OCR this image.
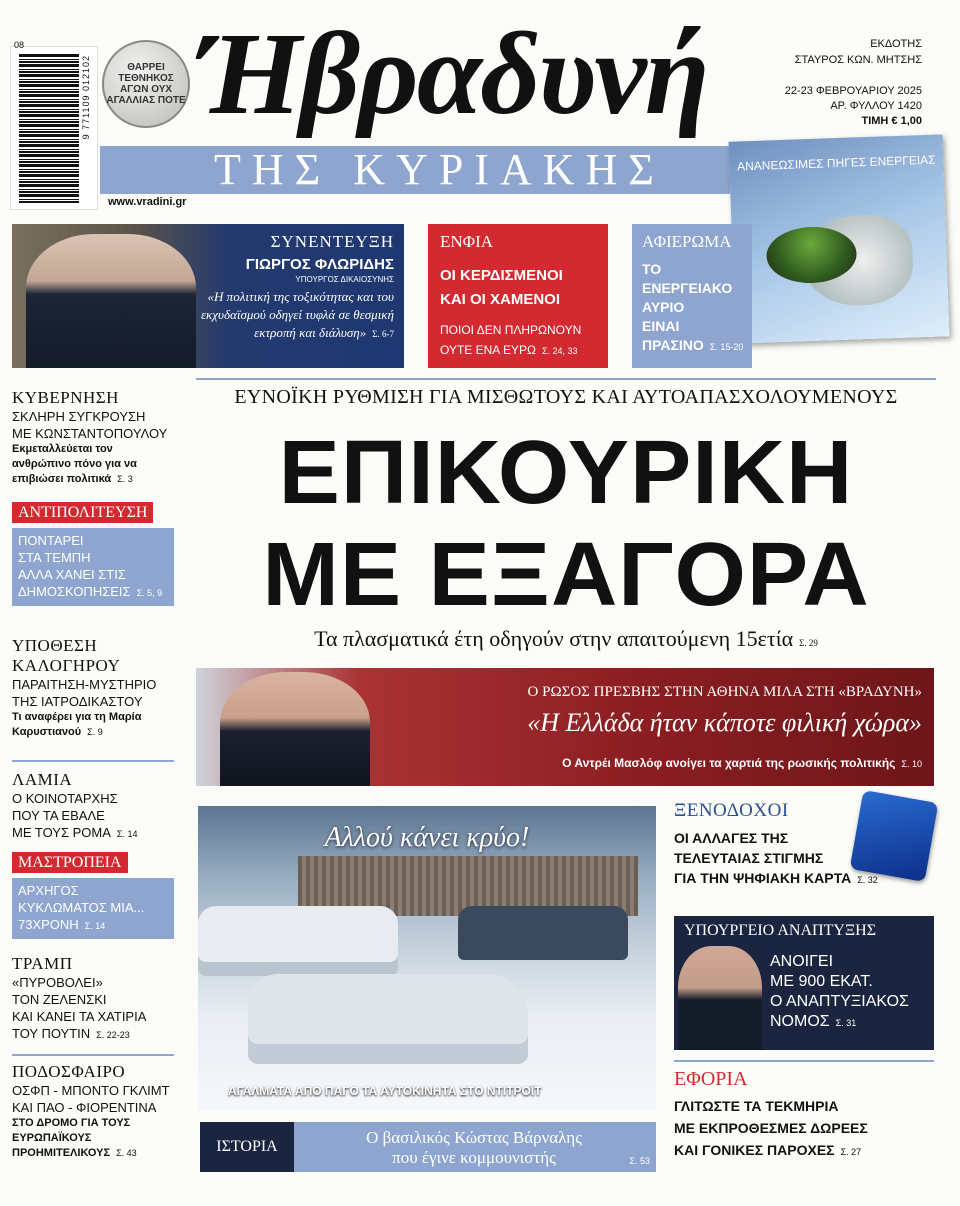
9 771109 012102	ΘΑΡΡΕΙ ΤΕΘΝΗΚΟΣ ΑΓΩΝ ΟΥΧ ΑΓΑΛΛΙΑΣ ΠΟΤΕ Ήβραδυνή	ΕΚΔΟΤΗΣ
ΣΤΑΥΡΟΣ ΚΩΝ. ΜΗΤΣΗΣ
22-23 ΦΕΒΡΟΥΑΡΙΟΥ 2025
ΑΡ. ΦΥΛΛΟΥ 1420
ΤΙΜΗ € 1,00
ΤΗΣ ΚΥΡΙΑΚΗΣ
www.vradini.gr
ΑΝΑΝΕΩΣΙΜΕΣ ΠΗΓΕΣ ΕΝΕΡΓΕΙΑΣ
ΣΥΝΕΝΤΕΥΞΗ
ΓΙΩΡΓΟΣ ΦΛΩΡΙΔΗΣ
ΥΠΟΥΡΓΟΣ ΔΙΚΑΙΟΣΥΝΗΣ
«Η πολιτική της τοξικότητας και του εκχυδαϊσμού οδηγεί τυφλά σε θεσμική εκτροπή και διάλυση» Σ. 6-7
ΕΝΦΙΑ
ΟΙ ΚΕΡΔΙΣΜΕΝΟΙ
ΚΑΙ ΟΙ ΧΑΜΕΝΟΙ
ΠΟΙΟΙ ΔΕΝ ΠΛΗΡΩΝΟΥΝ
ΟΥΤΕ ΕΝΑ ΕΥΡΩ Σ. 24, 33
ΑΦΙΕΡΩΜΑ
ΤΟ
ΕΝΕΡΓΕΙΑΚΟ
ΑΥΡΙΟ
ΕΙΝΑΙ
ΠΡΑΣΙΝΟ Σ. 15-20
ΚΥΒΕΡΝΗΣΗ
ΣΚΛΗΡΗ ΣΥΓΚΡΟΥΣΗ
ΜΕ ΚΩΝΣΤΑΝΤΟΠΟΥΛΟΥ
Εκμεταλλεύεται τον ανθρώπινο πόνο για να επιβιώσει πολιτικά Σ. 3
ΑΝΤΙΠΟΛΙΤΕΥΣΗ
ΠΟΝΤΑΡΕΙ
ΣΤΑ ΤΕΜΠΗ
ΑΛΛΑ ΧΑΝΕΙ ΣΤΙΣ
ΔΗΜΟΣΚΟΠΗΣΕΙΣ Σ. 5, 9
ΥΠΟΘΕΣΗ
ΚΑΛΟΓΗΡΟΥ
ΠΑΡΑΙΤΗΣΗ-ΜΥΣΤΗΡΙΟ
ΤΗΣ ΙΑΤΡΟΔΙΚΑΣΤΟΥ
Τι αναφέρει για τη Μαρία Καρυστιανού Σ. 9
ΛΑΜΙΑ
Ο ΚΟΙΝΟΤΑΡΧΗΣ
ΠΟΥ ΤΑ ΕΒΑΛΕ
ΜΕ ΤΟΥΣ ΡΟΜΑ Σ. 14
ΜΑΣΤΡΟΠΕΙΑ
ΑΡΧΗΓΟΣ
ΚΥΚΛΩΜΑΤΟΣ ΜΙΑ...
73ΧΡΟΝΗ Σ. 14
ΤΡΑΜΠ
«ΠΥΡΟΒΟΛΕΙ»
ΤΟΝ ΖΕΛΕΝΣΚΙ
ΚΑΙ ΚΑΝΕΙ ΤΑ ΧΑΤΙΡΙΑ
ΤΟΥ ΠΟΥΤΙΝ Σ. 22-23
ΠΟΔΟΣΦΑΙΡΟ
ΟΣΦΠ - ΜΠΟΝΤΟ ΓΚΛΙΜΤ
ΚΑΙ ΠΑΟ - ΦΙΟΡΕΝΤΙΝΑ
ΣΤΟ ΔΡΟΜΟ ΓΙΑ ΤΟΥΣ ΕΥΡΩΠΑΪΚΟΥΣ ΠΡΟΗΜΙΤΕΛΙΚΟΥΣ Σ. 43
ΕΥΝΟΪΚΗ ΡΥΘΜΙΣΗ ΓΙΑ ΜΙΣΘΩΤΟΥΣ ΚΑΙ ΑΥΤΟΑΠΑΣΧΟΛΟΥΜΕΝΟΥΣ
ΕΠΙΚΟΥΡΙΚΗ
ΜΕ ΕΞΑΓΟΡΑ
Τα πλασματικά έτη οδηγούν στην απαιτούμενη 15ετία Σ. 29
Ο ΡΩΣΟΣ ΠΡΕΣΒΗΣ ΣΤΗΝ ΑΘΗΝΑ ΜΙΛΑ ΣΤΗ «ΒΡΑΔΥΝΗ»
«Η Ελλάδα ήταν κάποτε φιλική χώρα»
Ο Αντρέι Μασλόφ ανοίγει τα χαρτιά της ρωσικής πολιτικής Σ. 10
Αλλού κάνει κρύο!
ΑΓΑΛΜΑΤΑ ΑΠΟ ΠΑΓΟ ΤΑ ΑΥΤΟΚΙΝΗΤΑ ΣΤΟ ΝΤΙΤΡΟΪΤ
ΙΣΤΟΡΙΑ	Ο βασιλικός Κώστας Βάρναλης
που έγινε κομμουνιστής	Σ. 53
ΞΕΝΟΔΟΧΟΙ
ΟΙ ΑΛΛΑΓΕΣ ΤΗΣ
ΤΕΛΕΥΤΑΙΑΣ ΣΤΙΓΜΗΣ
ΓΙΑ ΤΗΝ ΨΗΦΙΑΚΗ ΚΑΡΤΑ Σ. 32
ΥΠΟΥΡΓΕΙΟ ΑΝΑΠΤΥΞΗΣ
ΑΝΟΙΓΕΙ
ΜΕ 900 ΕΚΑΤ.
Ο ΑΝΑΠΤΥΞΙΑΚΟΣ
ΝΟΜΟΣ Σ. 31
ΕΦΟΡΙΑ
ΓΛΙΤΩΣΤΕ ΤΑ ΤΕΚΜΗΡΙΑ
ΜΕ ΕΚΠΡΟΘΕΣΜΕΣ ΔΩΡΕΕΣ
ΚΑΙ ΓΟΝΙΚΕΣ ΠΑΡΟΧΕΣ Σ. 27
08
